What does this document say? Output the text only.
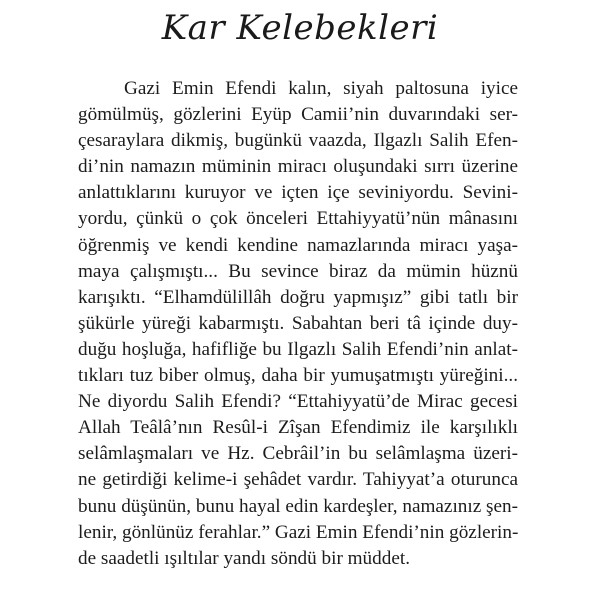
Kar Kelebekleri
Gazi Emin Efendi kalın, siyah paltosuna iyice
gömülmüş, gözlerini Eyüp Camii’nin duvarındaki ser-
çesaraylara dikmiş, bugünkü vaazda, Ilgazlı Salih Efen-
di’nin namazın müminin miracı oluşundaki sırrı üzerine
anlattıklarını kuruyor ve içten içe seviniyordu. Sevini-
yordu, çünkü o çok önceleri Ettahiyyatü’nün mânasını
öğrenmiş ve kendi kendine namazlarında miracı yaşa-
maya çalışmıştı... Bu sevince biraz da mümin hüznü
karışıktı. “Elhamdülillâh doğru yapmışız” gibi tatlı bir
şükürle yüreği kabarmıştı. Sabahtan beri tâ içinde duy-
duğu hoşluğa, hafifliğe bu Ilgazlı Salih Efendi’nin anlat-
tıkları tuz biber olmuş, daha bir yumuşatmıştı yüreğini...
Ne diyordu Salih Efendi? “Ettahiyyatü’de Mirac gecesi
Allah Teâlâ’nın Resûl-i Zîşan Efendimiz ile karşılıklı
selâmlaşmaları ve Hz. Cebrâil’in bu selâmlaşma üzeri-
ne getirdiği kelime-i şehâdet vardır. Tahiyyat’a oturunca
bunu düşünün, bunu hayal edin kardeşler, namazınız şen-
lenir, gönlünüz ferahlar.” Gazi Emin Efendi’nin gözlerin-
de saadetli ışıltılar yandı söndü bir müddet.
